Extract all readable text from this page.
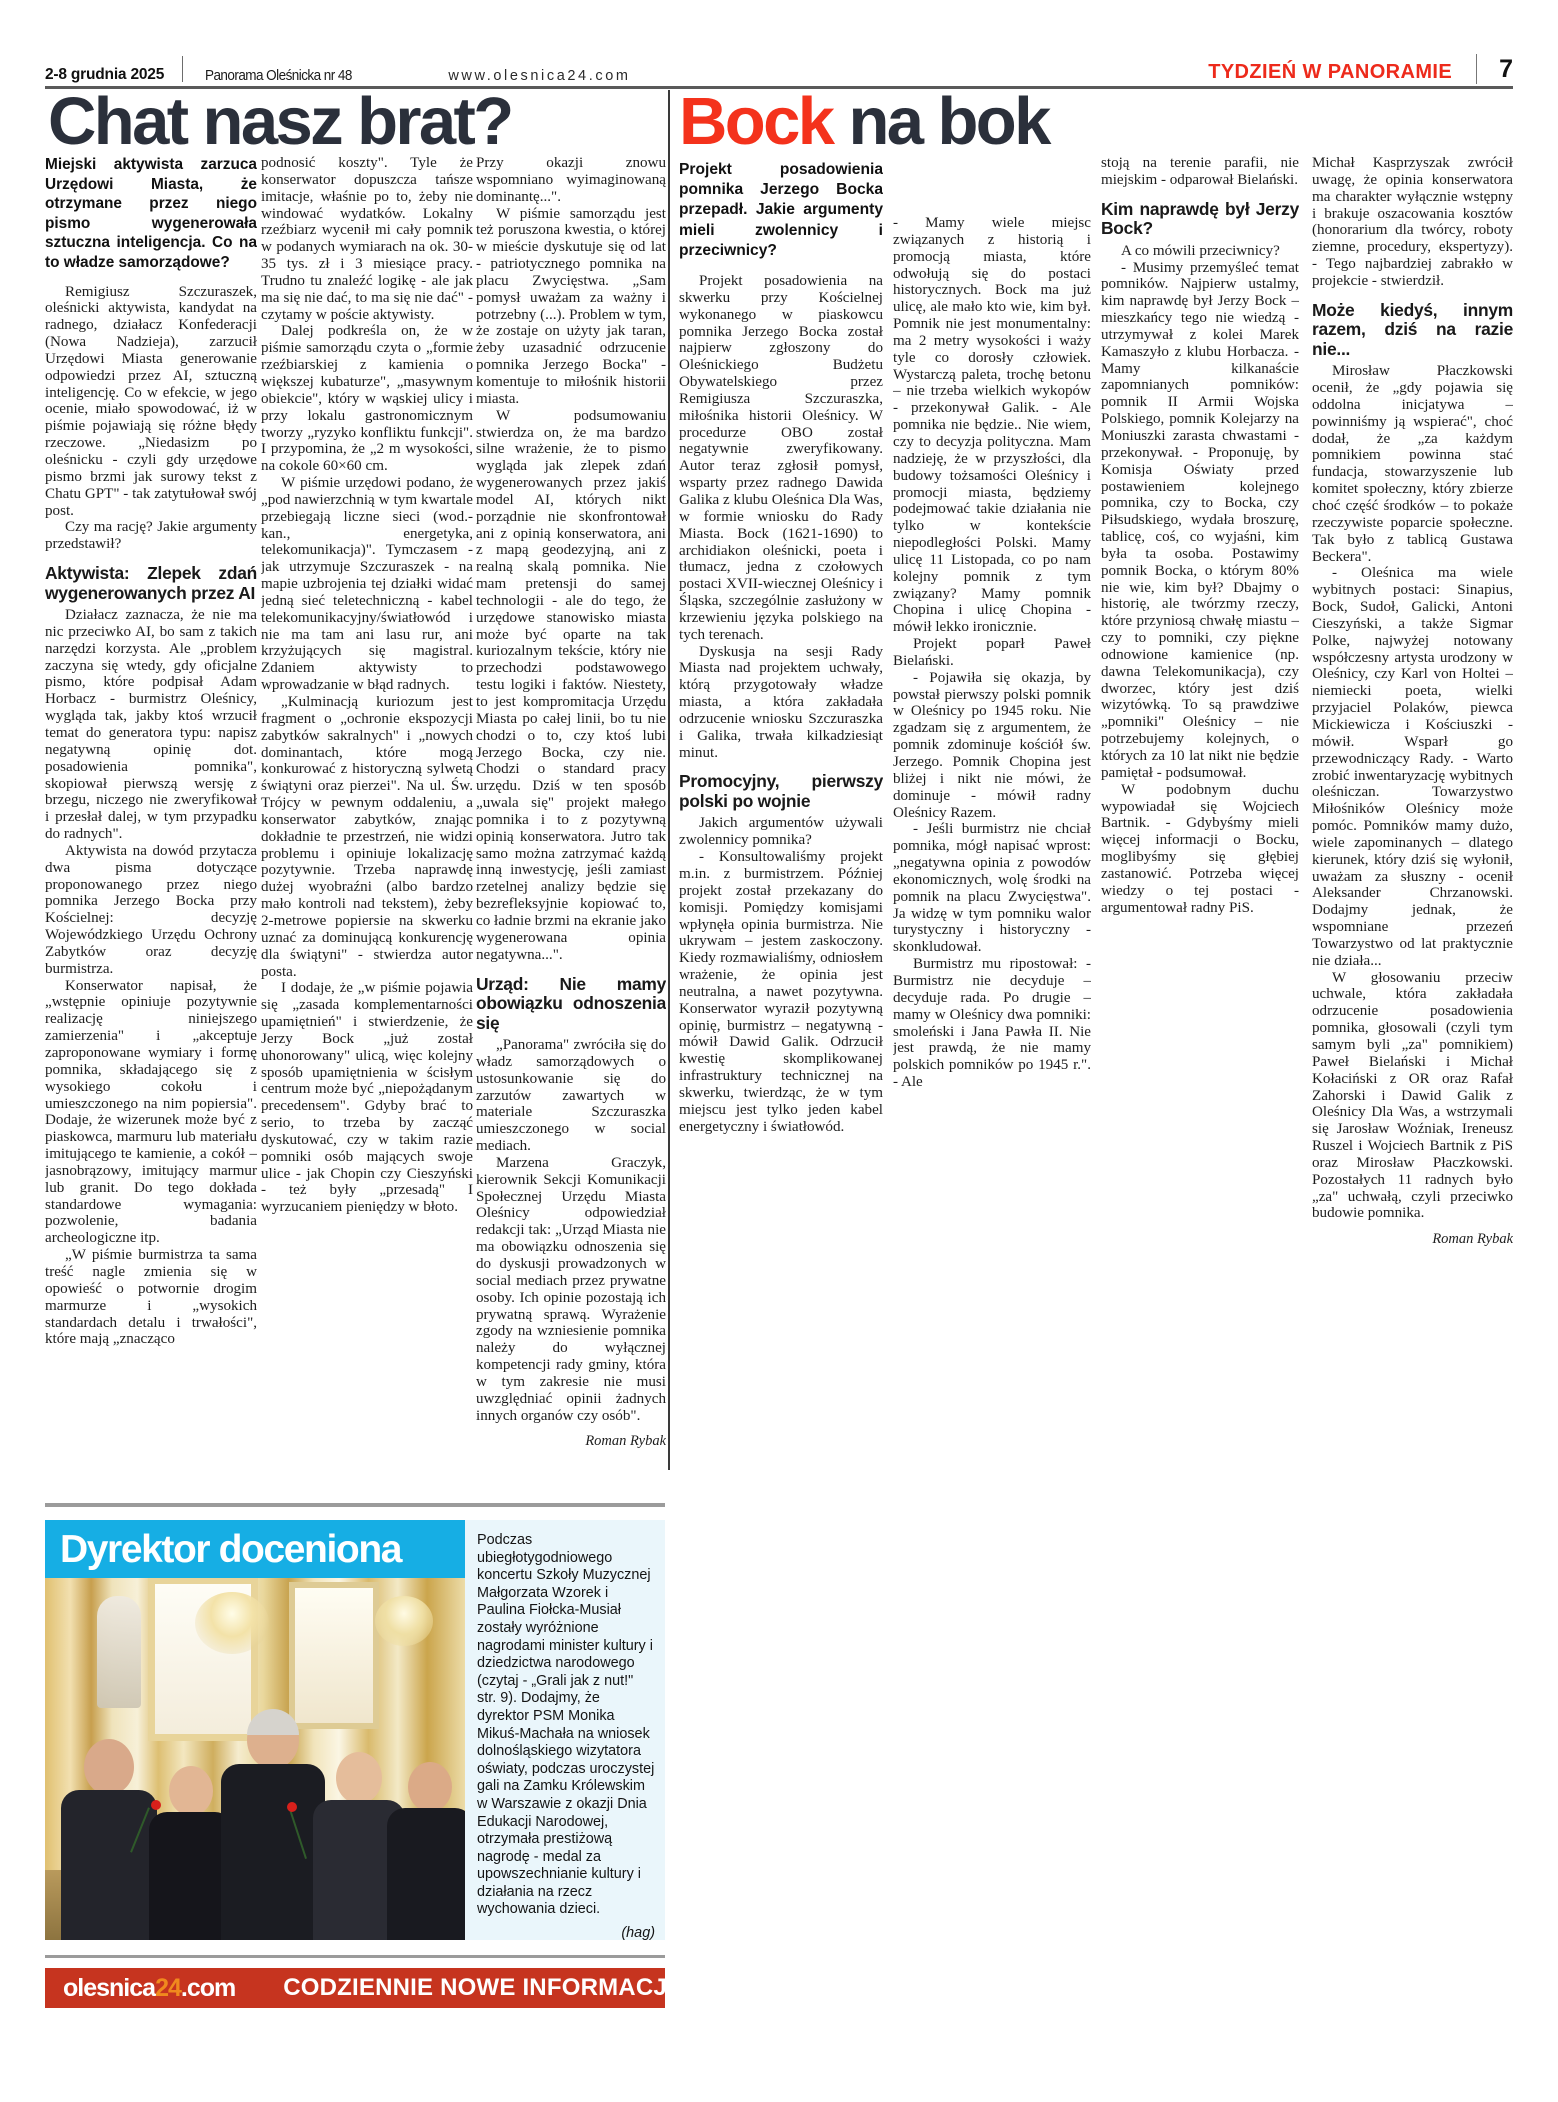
2-8 grudnia 2025	Panorama Oleśnicka nr 48	www.olesnica24.com	TYDZIEŃ W PANORAMIE 7
Chat nasz brat?	Bock na bok

Miejski aktywista zarzuca Urzędowi Miasta, że otrzymane przez niego pismo wygenerowała sztuczna inteligencja. Co na to władze samorządowe?

Remigiusz Szczuraszek, oleśnicki aktywista, kandydat na radnego, działacz Konfederacji (Nowa Nadzieja), zarzucił Urzędowi Miasta generowanie odpowiedzi przez AI, sztuczną inteligencję. Co w efekcie, w jego ocenie, miało spowodować, iż w piśmie pojawiają się różne błędy rzeczowe. „Niedasizm po oleśnicku - czyli gdy urzędowe pismo brzmi jak surowy tekst z Chatu GPT" - tak zatytułował swój post.

Czy ma rację? Jakie argumenty przedstawił?

Aktywista: Zlepek zdań wygenerowanych przez AI

Działacz zaznacza, że nie ma nic przeciwko AI, bo sam z takich narzędzi korzysta. Ale „problem zaczyna się wtedy, gdy oficjalne pismo, które podpisał Adam Horbacz - burmistrz Oleśnicy, wygląda tak, jakby ktoś wrzucił temat do generatora typu: napisz negatywną opinię dot. posadowienia pomnika", skopiował pierwszą wersję z brzegu, niczego nie zweryfikował i przesłał dalej, w tym przypadku do radnych".

Aktywista na dowód przytacza dwa pisma dotyczące proponowanego przez niego pomnika Jerzego Bocka przy Kościelnej: decyzję Wojewódzkiego Urzędu Ochrony Zabytków oraz decyzję burmistrza.

Konserwator napisał, że „wstępnie opiniuje pozytywnie realizację niniejszego zamierzenia" i „akceptuje zaproponowane wymiary i formę pomnika, składającego się z wysokiego cokołu i umieszczonego na nim popiersia". Dodaje, że wizerunek może być z piaskowca, marmuru lub materiału imitującego te kamienie, a cokół – jasnobrązowy, imitujący marmur lub granit. Do tego dokłada standardowe wymagania: pozwolenie, badania archeologiczne itp.

„W piśmie burmistrza ta sama treść nagle zmienia się w opowieść o potwornie drogim marmurze i „wysokich standardach detalu i trwałości", które mają „znacząco

podnosić koszty". Tyle że konserwator dopuszcza tańsze imitacje, właśnie po to, żeby nie windować wydatków. Lokalny rzeźbiarz wycenił mi cały pomnik w podanych wymiarach na ok. 30-35 tys. zł i 3 miesiące pracy. Trudno tu znaleźć logikę - ale jak ma się nie dać, to ma się nie dać" - czytamy w poście aktywisty.

Dalej podkreśla on, że w piśmie samorządu czyta o „formie rzeźbiarskiej z kamienia o większej kubaturze", „masywnym obiekcie", który w wąskiej ulicy i przy lokalu gastronomicznym tworzy „ryzyko konfliktu funkcji". I przypomina, że „2 m wysokości, na cokole 60×60 cm.

W piśmie urzędowi podano, że „pod nawierzchnią w tym kwartale przebiegają liczne sieci (wod.-kan., energetyka, telekomunikacja)". Tymczasem - jak utrzymuje Szczuraszek - na mapie uzbrojenia tej działki widać jedną sieć teletechniczną - kabel telekomunikacyjny/światłowód i nie ma tam ani lasu rur, ani krzyżujących się magistral. Zdaniem aktywisty to wprowadzanie w błąd radnych.

„Kulminacją kuriozum jest fragment o „ochronie ekspozycji zabytków sakralnych" i „nowych dominantach, które mogą konkurować z historyczną sylwetą świątyni oraz pierzei". Na ul. Św. Trójcy w pewnym oddaleniu, a konserwator zabytków, znając dokładnie te przestrzeń, nie widzi problemu i opiniuje lokalizację pozytywnie. Trzeba naprawdę dużej wyobraźni (albo bardzo mało kontroli nad tekstem), żeby 2-metrowe popiersie na skwerku uznać za dominującą konkurencję dla świątyni" - stwierdza autor posta.

I dodaje, że „w piśmie pojawia się „zasada komplementarności upamiętnień" i stwierdzenie, że Jerzy Bock „już został uhonorowany" ulicą, więc kolejny sposób upamiętnienia w ścisłym centrum może być „niepożądanym precedensem". Gdyby brać to serio, to trzeba by zacząć dyskutować, czy w takim razie pomniki osób mających swoje ulice - jak Chopin czy Cieszyński - też były „przesadą" I wyrzucaniem pieniędzy w błoto.

Przy okazji znowu wspomniano wyimaginowaną dominantę...".

W piśmie samorządu jest też poruszona kwestia, o której w mieście dyskutuje się od lat - patriotycznego pomnika na placu Zwycięstwa. „Sam pomysł uważam za ważny i potrzebny (...). Problem w tym, że zostaje on użyty jak taran, żeby uzasadnić odrzucenie pomnika Jerzego Bocka" - komentuje to miłośnik historii miasta.

W podsumowaniu stwierdza on, że ma bardzo silne wrażenie, że to pismo wygląda jak zlepek zdań wygenerowanych przez jakiś model AI, których nikt porządnie nie skonfrontował ani z opinią konserwatora, ani z mapą geodezyjną, ani z realną skalą pomnika. Nie mam pretensji do samej technologii - ale do tego, że urzędowe stanowisko miasta może być oparte na tak kuriozalnym tekście, który nie przechodzi podstawowego testu logiki i faktów. Niestety, to jest kompromitacja Urzędu Miasta po całej linii, bo tu nie chodzi o to, czy ktoś lubi Jerzego Bocka, czy nie. Chodzi o standard pracy urzędu. Dziś w ten sposób „uwala się" projekt małego pomnika i to z pozytywną opinią konserwatora. Jutro tak samo można zatrzymać każdą inną inwestycję, jeśli zamiast rzetelnej analizy będzie się bezrefleksyjnie kopiować to, co ładnie brzmi na ekranie jako wygenerowana opinia negatywna...".

Urząd: Nie mamy obowiązku odnoszenia się

„Panorama" zwróciła się do władz samorządowych o ustosunkowanie się do zarzutów zawartych w materiale Szczuraszka umieszczonego w social mediach.

Marzena Graczyk, kierownik Sekcji Komunikacji Społecznej Urzędu Miasta Oleśnicy odpowiedział redakcji tak: „Urząd Miasta nie ma obowiązku odnoszenia się do dyskusji prowadzonych w social mediach przez prywatne osoby. Ich opinie pozostają ich prywatną sprawą. Wyrażenie zgody na wzniesienie pomnika należy do wyłącznej kompetencji rady gminy, która w tym zakresie nie musi uwzględniać opinii żadnych innych organów czy osób".

Roman Rybak

Projekt posadowienia pomnika Jerzego Bocka przepadł. Jakie argumenty mieli zwolennicy i przeciwnicy?

Projekt posadowienia na skwerku przy Kościelnej wykonanego w piaskowcu pomnika Jerzego Bocka został najpierw zgłoszony do Oleśnickiego Budżetu Obywatelskiego przez Remigiusza Szczuraszka, miłośnika historii Oleśnicy. W procedurze OBO został negatywnie zweryfikowany. Autor teraz zgłosił pomysł, wsparty przez radnego Dawida Galika z klubu Oleśnica Dla Was, w formie wniosku do Rady Miasta. Bock (1621-1690) to archidiakon oleśnicki, poeta i tłumacz, jedna z czołowych postaci XVII-wiecznej Oleśnicy i Śląska, szczególnie zasłużony w krzewieniu języka polskiego na tych terenach.

Dyskusja na sesji Rady Miasta nad projektem uchwały, którą przygotowały władze miasta, a która zakładała odrzucenie wniosku Szczuraszka i Galika, trwała kilkadziesiąt minut.

Promocyjny, pierwszy polski po wojnie

Jakich argumentów używali zwolennicy pomnika?

- Konsultowaliśmy projekt m.in. z burmistrzem. Później projekt został przekazany do komisji. Pomiędzy komisjami wpłynęła opinia burmistrza. Nie ukrywam – jestem zaskoczony. Kiedy rozmawialiśmy, odniosłem wrażenie, że opinia jest neutralna, a nawet pozytywna. Konserwator wyraził pozytywną opinię, burmistrz – negatywną - mówił Dawid Galik. Odrzucił kwestię skomplikowanej infrastruktury technicznej na skwerku, twierdząc, że w tym miejscu jest tylko jeden kabel energetyczny i światłowód.

- Mamy wiele miejsc związanych z historią i promocją miasta, które odwołują się do postaci historycznych. Bock ma już ulicę, ale mało kto wie, kim był. Pomnik nie jest monumentalny: ma 2 metry wysokości i waży tyle co dorosły człowiek. Wystarczą paleta, trochę betonu – nie trzeba wielkich wykopów - przekonywał Galik. - Ale pomnika nie będzie.. Nie wiem, czy to decyzja polityczna. Mam nadzieję, że w przyszłości, dla budowy tożsamości Oleśnicy i promocji miasta, będziemy podejmować takie działania nie tylko w kontekście niepodległości Polski. Mamy ulicę 11 Listopada, co po nam kolejny pomnik z tym związany? Mamy pomnik Chopina i ulicę Chopina - mówił lekko ironicznie.

Projekt poparł Paweł Bielański.

- Pojawiła się okazja, by powstał pierwszy polski pomnik w Oleśnicy po 1945 roku. Nie zgadzam się z argumentem, że pomnik zdominuje kościół św. Jerzego. Pomnik Chopina jest bliżej i nikt nie mówi, że dominuje - mówił radny Oleśnicy Razem.

- Jeśli burmistrz nie chciał pomnika, mógł napisać wprost: „negatywna opinia z powodów ekonomicznych, wolę środki na pomnik na placu Zwycięstwa". Ja widzę w tym pomniku walor turystyczny i historyczny - skonkludował.

Burmistrz mu ripostował: - Burmistrz nie decyduje – decyduje rada. Po drugie – mamy w Oleśnicy dwa pomniki: smoleński i Jana Pawła II. Nie jest prawdą, że nie mamy polskich pomników po 1945 r.". - Ale

stoją na terenie parafii, nie miejskim - odparował Bielański.

Kim naprawdę był Jerzy Bock?

A co mówili przeciwnicy?

- Musimy przemyśleć temat pomników. Najpierw ustalmy, kim naprawdę był Jerzy Bock – mieszkańcy tego nie wiedzą - utrzymywał z kolei Marek Kamaszyło z klubu Horbacza. - Mamy kilkanaście zapomnianych pomników: pomnik II Armii Wojska Polskiego, pomnik Kolejarzy na Moniuszki zarasta chwastami - przekonywał. - Proponuję, by Komisja Oświaty przed postawieniem kolejnego pomnika, czy to Bocka, czy Piłsudskiego, wydała broszurę, tablicę, coś, co wyjaśni, kim była ta osoba. Postawimy pomnik Bocka, o którym 80% nie wie, kim był? Dbajmy o historię, ale twórzmy rzeczy, które przyniosą chwałę miastu – czy to pomniki, czy piękne odnowione kamienice (np. dawna Telekomunikacja), czy dworzec, który jest dziś wizytówką. To są prawdziwe „pomniki" Oleśnicy – nie potrzebujemy kolejnych, o których za 10 lat nikt nie będzie pamiętał - podsumował.

W podobnym duchu wypowiadał się Wojciech Bartnik. - Gdybyśmy mieli więcej informacji o Bocku, moglibyśmy się głębiej zastanowić. Potrzeba więcej wiedzy o tej postaci - argumentował radny PiS.

Michał Kasprzyszak zwrócił uwagę, że opinia konserwatora ma charakter wyłącznie wstępny i brakuje oszacowania kosztów (honorarium dla twórcy, roboty ziemne, procedury, ekspertyzy). - Tego najbardziej zabrakło w projekcie - stwierdził.

Może kiedyś, innym razem, dziś na razie nie...

Mirosław Płaczkowski ocenił, że „gdy pojawia się oddolna inicjatywa – powinniśmy ją wspierać", choć dodał, że „za każdym pomnikiem powinna stać fundacja, stowarzyszenie lub komitet społeczny, który zbierze choć część środków – to pokaże rzeczywiste poparcie społeczne. Tak było z tablicą Gustawa Beckera".

- Oleśnica ma wiele wybitnych postaci: Sinapius, Bock, Sudoł, Galicki, Antoni Cieszyński, a także Sigmar Polke, najwyżej notowany współczesny artysta urodzony w Oleśnicy, czy Karl von Holtei – niemiecki poeta, wielki przyjaciel Polaków, piewca Mickiewicza i Kościuszki - mówił. Wsparł go przewodniczący Rady. - Warto zrobić inwentaryzację wybitnych oleśniczan. Towarzystwo Miłośników Oleśnicy może pomóc. Pomników mamy dużo, wiele zapominanych – dlatego kierunek, który dziś się wyłonił, uważam za słuszny - ocenił Aleksander Chrzanowski. Dodajmy jednak, że wspomniane przezeń Towarzystwo od lat praktycznie nie działa...

W głosowaniu przeciw uchwale, która zakładała odrzucenie posadowienia pomnika, głosowali (czyli tym samym byli „za" pomnikiem) Paweł Bielański i Michał Kołaciński z OR oraz Rafał Zahorski i Dawid Galik z Oleśnicy Dla Was, a wstrzymali się Jarosław Woźniak, Ireneusz Ruszel i Wojciech Bartnik z PiS oraz Mirosław Płaczkowski. Pozostałych 11 radnych było „za" uchwałą, czyli przeciwko budowie pomnika.

Roman Rybak

Dyrektor doceniona	Podczas ubiegłotygodniowego koncertu Szkoły Muzycznej Małgorzata Wzorek i Paulina Fiołcka-Musiał zostały wyróżnione nagrodami minister kultury i dziedzictwa narodowego (czytaj - „Grali jak z nut!" str. 9). Dodajmy, że dyrektor PSM Monika Mikuś-Machała na wniosek dolnośląskiego wizytatora oświaty, podczas uroczystej gali na Zamku Królewskim w Warszawie z okazji Dnia Edukacji Narodowej, otrzymała prestiżową nagrodę - medal za upowszechnianie kultury i działania na rzecz wychowania dzieci.

(hag)

olesnica24.com CODZIENNIE NOWE INFORMACJE
